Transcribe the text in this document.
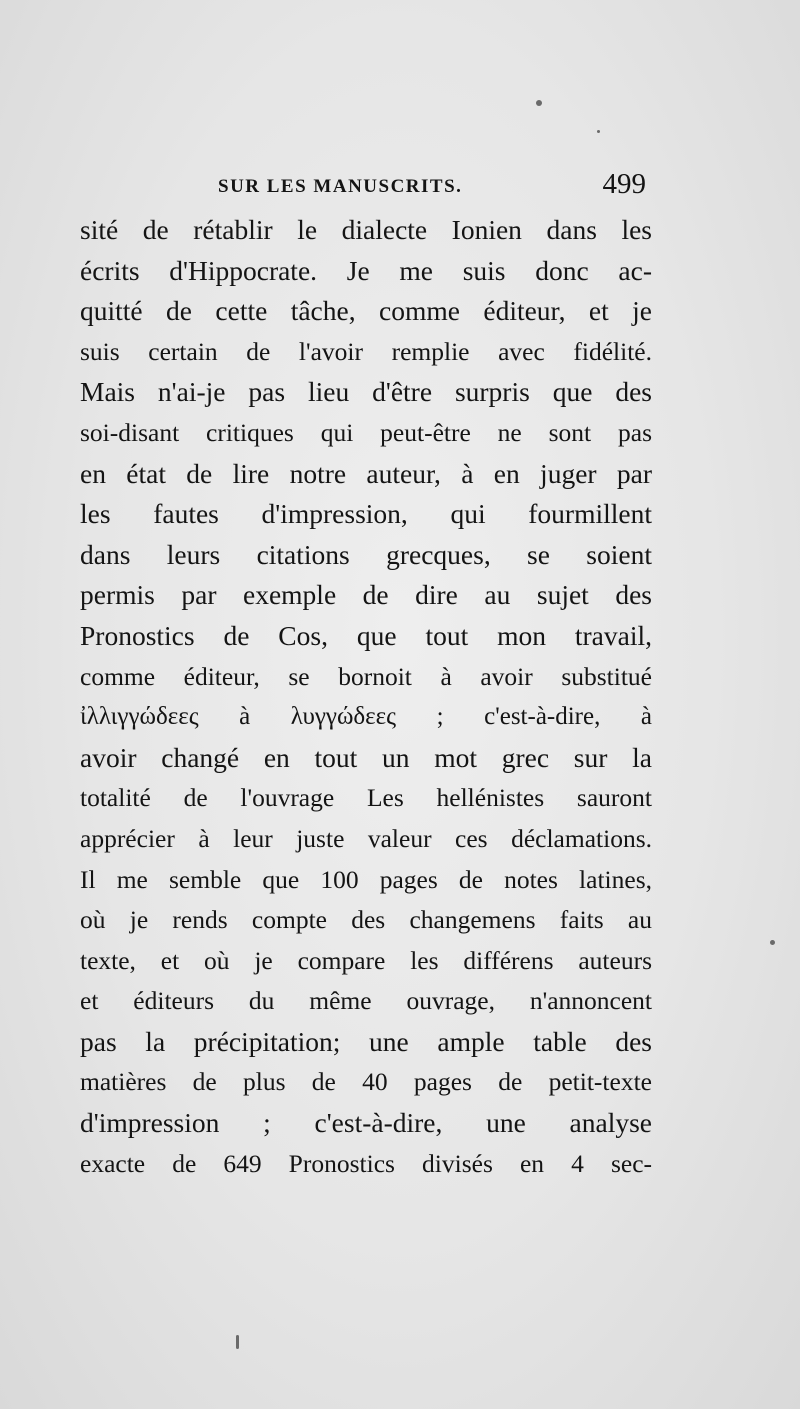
SUR LES MANUSCRITS.	499
sité de rétablir le dialecte Ionien dans les
écrits d'Hippocrate. Je me suis donc ac-
quitté de cette tâche, comme éditeur, et je
suis certain de l'avoir remplie avec fidélité.
Mais n'ai-je pas lieu d'être surpris que des
soi-disant critiques qui peut-être ne sont pas
en état de lire notre auteur, à en juger par
les fautes d'impression, qui fourmillent
dans leurs citations grecques, se soient
permis par exemple de dire au sujet des
Pronostics de Cos, que tout mon travail,
comme éditeur, se bornoit à avoir substitué
ἰλλιγγώδεες à λυγγώδεες ; c'est-à-dire, à
avoir changé en tout un mot grec sur la
totalité de l'ouvrage Les hellénistes sauront
apprécier à leur juste valeur ces déclamations.
Il me semble que 100 pages de notes latines,
où je rends compte des changemens faits au
texte, et où je compare les différens auteurs
et éditeurs du même ouvrage, n'annoncent
pas la précipitation; une ample table des
matières de plus de 40 pages de petit-texte
d'impression ; c'est-à-dire, une analyse
exacte de 649 Pronostics divisés en 4 sec-
